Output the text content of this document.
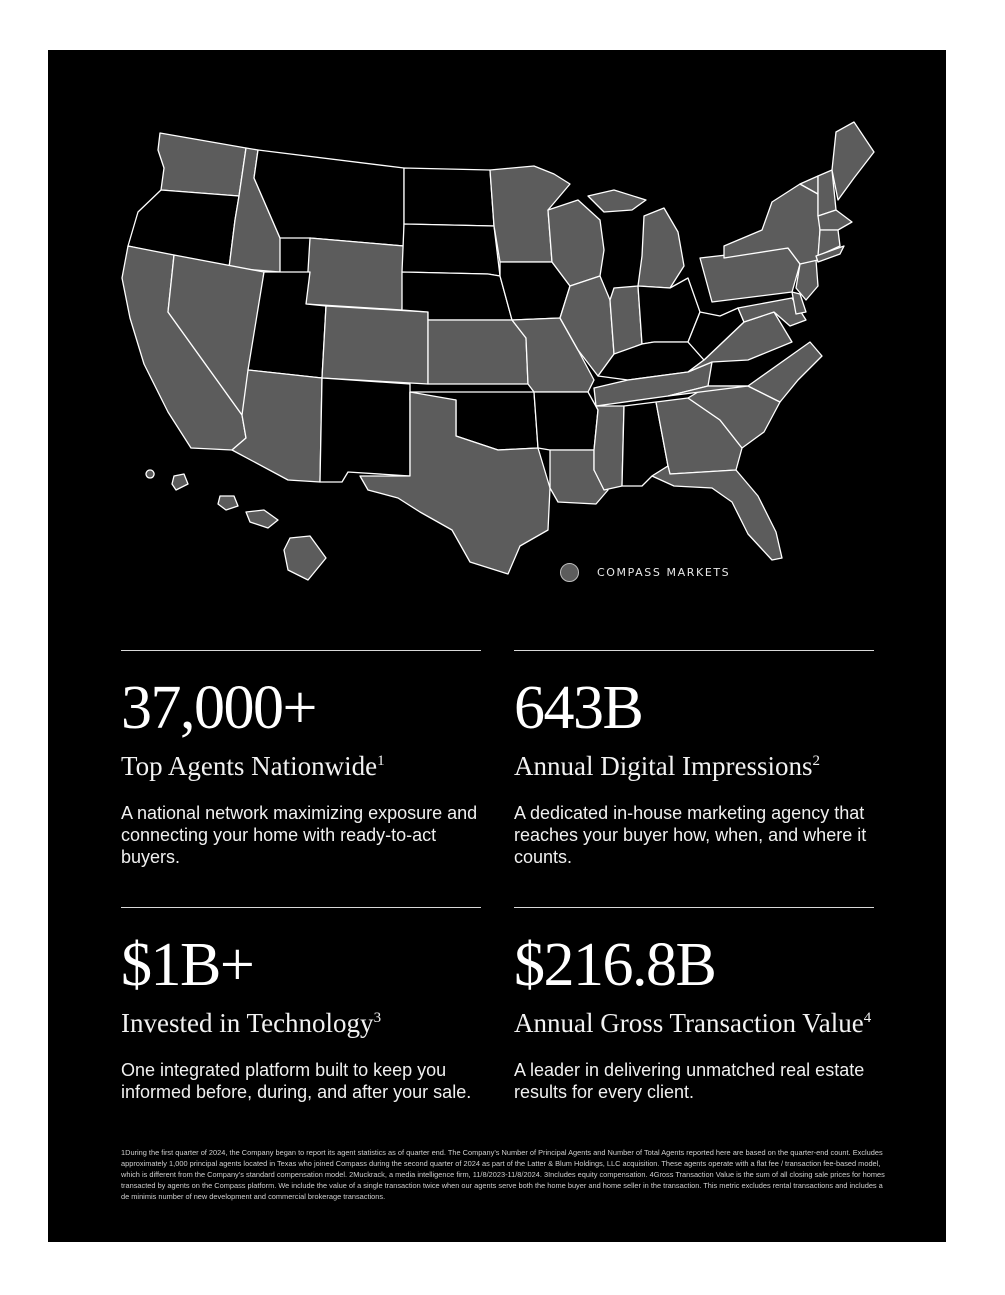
COMPASS MARKETS
37,000+
Top Agents Nationwide$^1$
A national network maximizing exposure and connecting your home with ready-to-act buyers.
643B
Annual Digital Impressions$^2$
A dedicated in-house marketing agency that reaches your buyer how, when, and where it counts.
$1B+
Invested in Technology$^3$
One integrated platform built to keep you informed before, during, and after your sale.
$216.8B
Annual Gross Transaction Value$^4$
A leader in delivering unmatched real estate results for every client.
1During the first quarter of 2024, the Company began to report its agent statistics as of quarter end. The Company’s Number of Principal Agents and Number of Total Agents reported here are based on the quarter-end count. Excludes approximately 1,000 principal agents located in Texas who joined Compass during the second quarter of 2024 as part of the Latter & Blum Holdings, LLC acquisition. These agents operate with a flat fee / transaction fee-based model, which is different from the Company’s standard compensation model. 2Muckrack, a media intelligence firm, 11/8/2023-11/8/2024. 3Includes equity compensation. 4Gross Transaction Value is the sum of all closing sale prices for homes transacted by agents on the Compass platform. We include the value of a single transaction twice when our agents serve both the home buyer and home seller in the transaction. This metric excludes rental transactions and includes a de minimis number of new development and commercial brokerage transactions.
